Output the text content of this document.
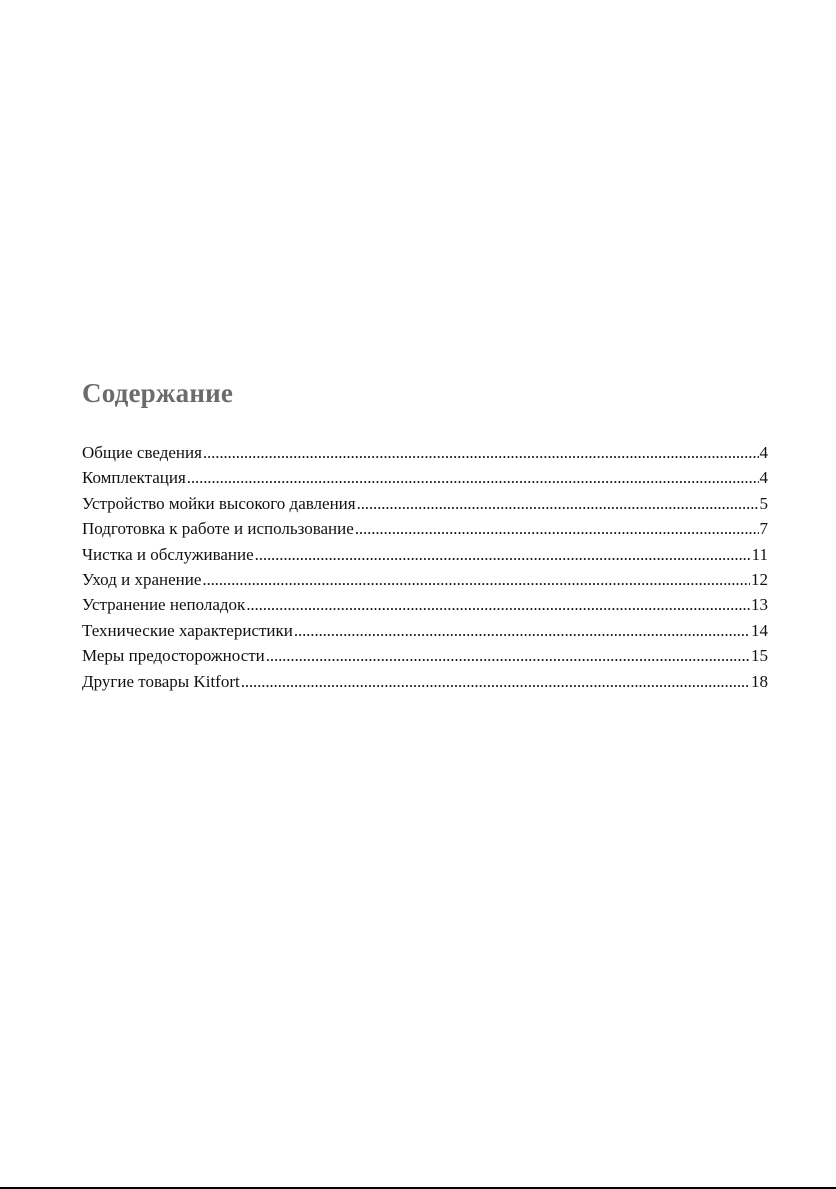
Содержание
Общие сведения . . .	4
Комплектация . . .	4
Устройство мойки высокого давления . . .	5
Подготовка к работе и использование . . .	7
Чистка и обслуживание . . .	11
Уход и хранение . . .	12
Устранение неполадок . . .	13
Технические характеристики . . .	14
Меры предосторожности . . .	15
Другие товары Kitfort . . .	18
